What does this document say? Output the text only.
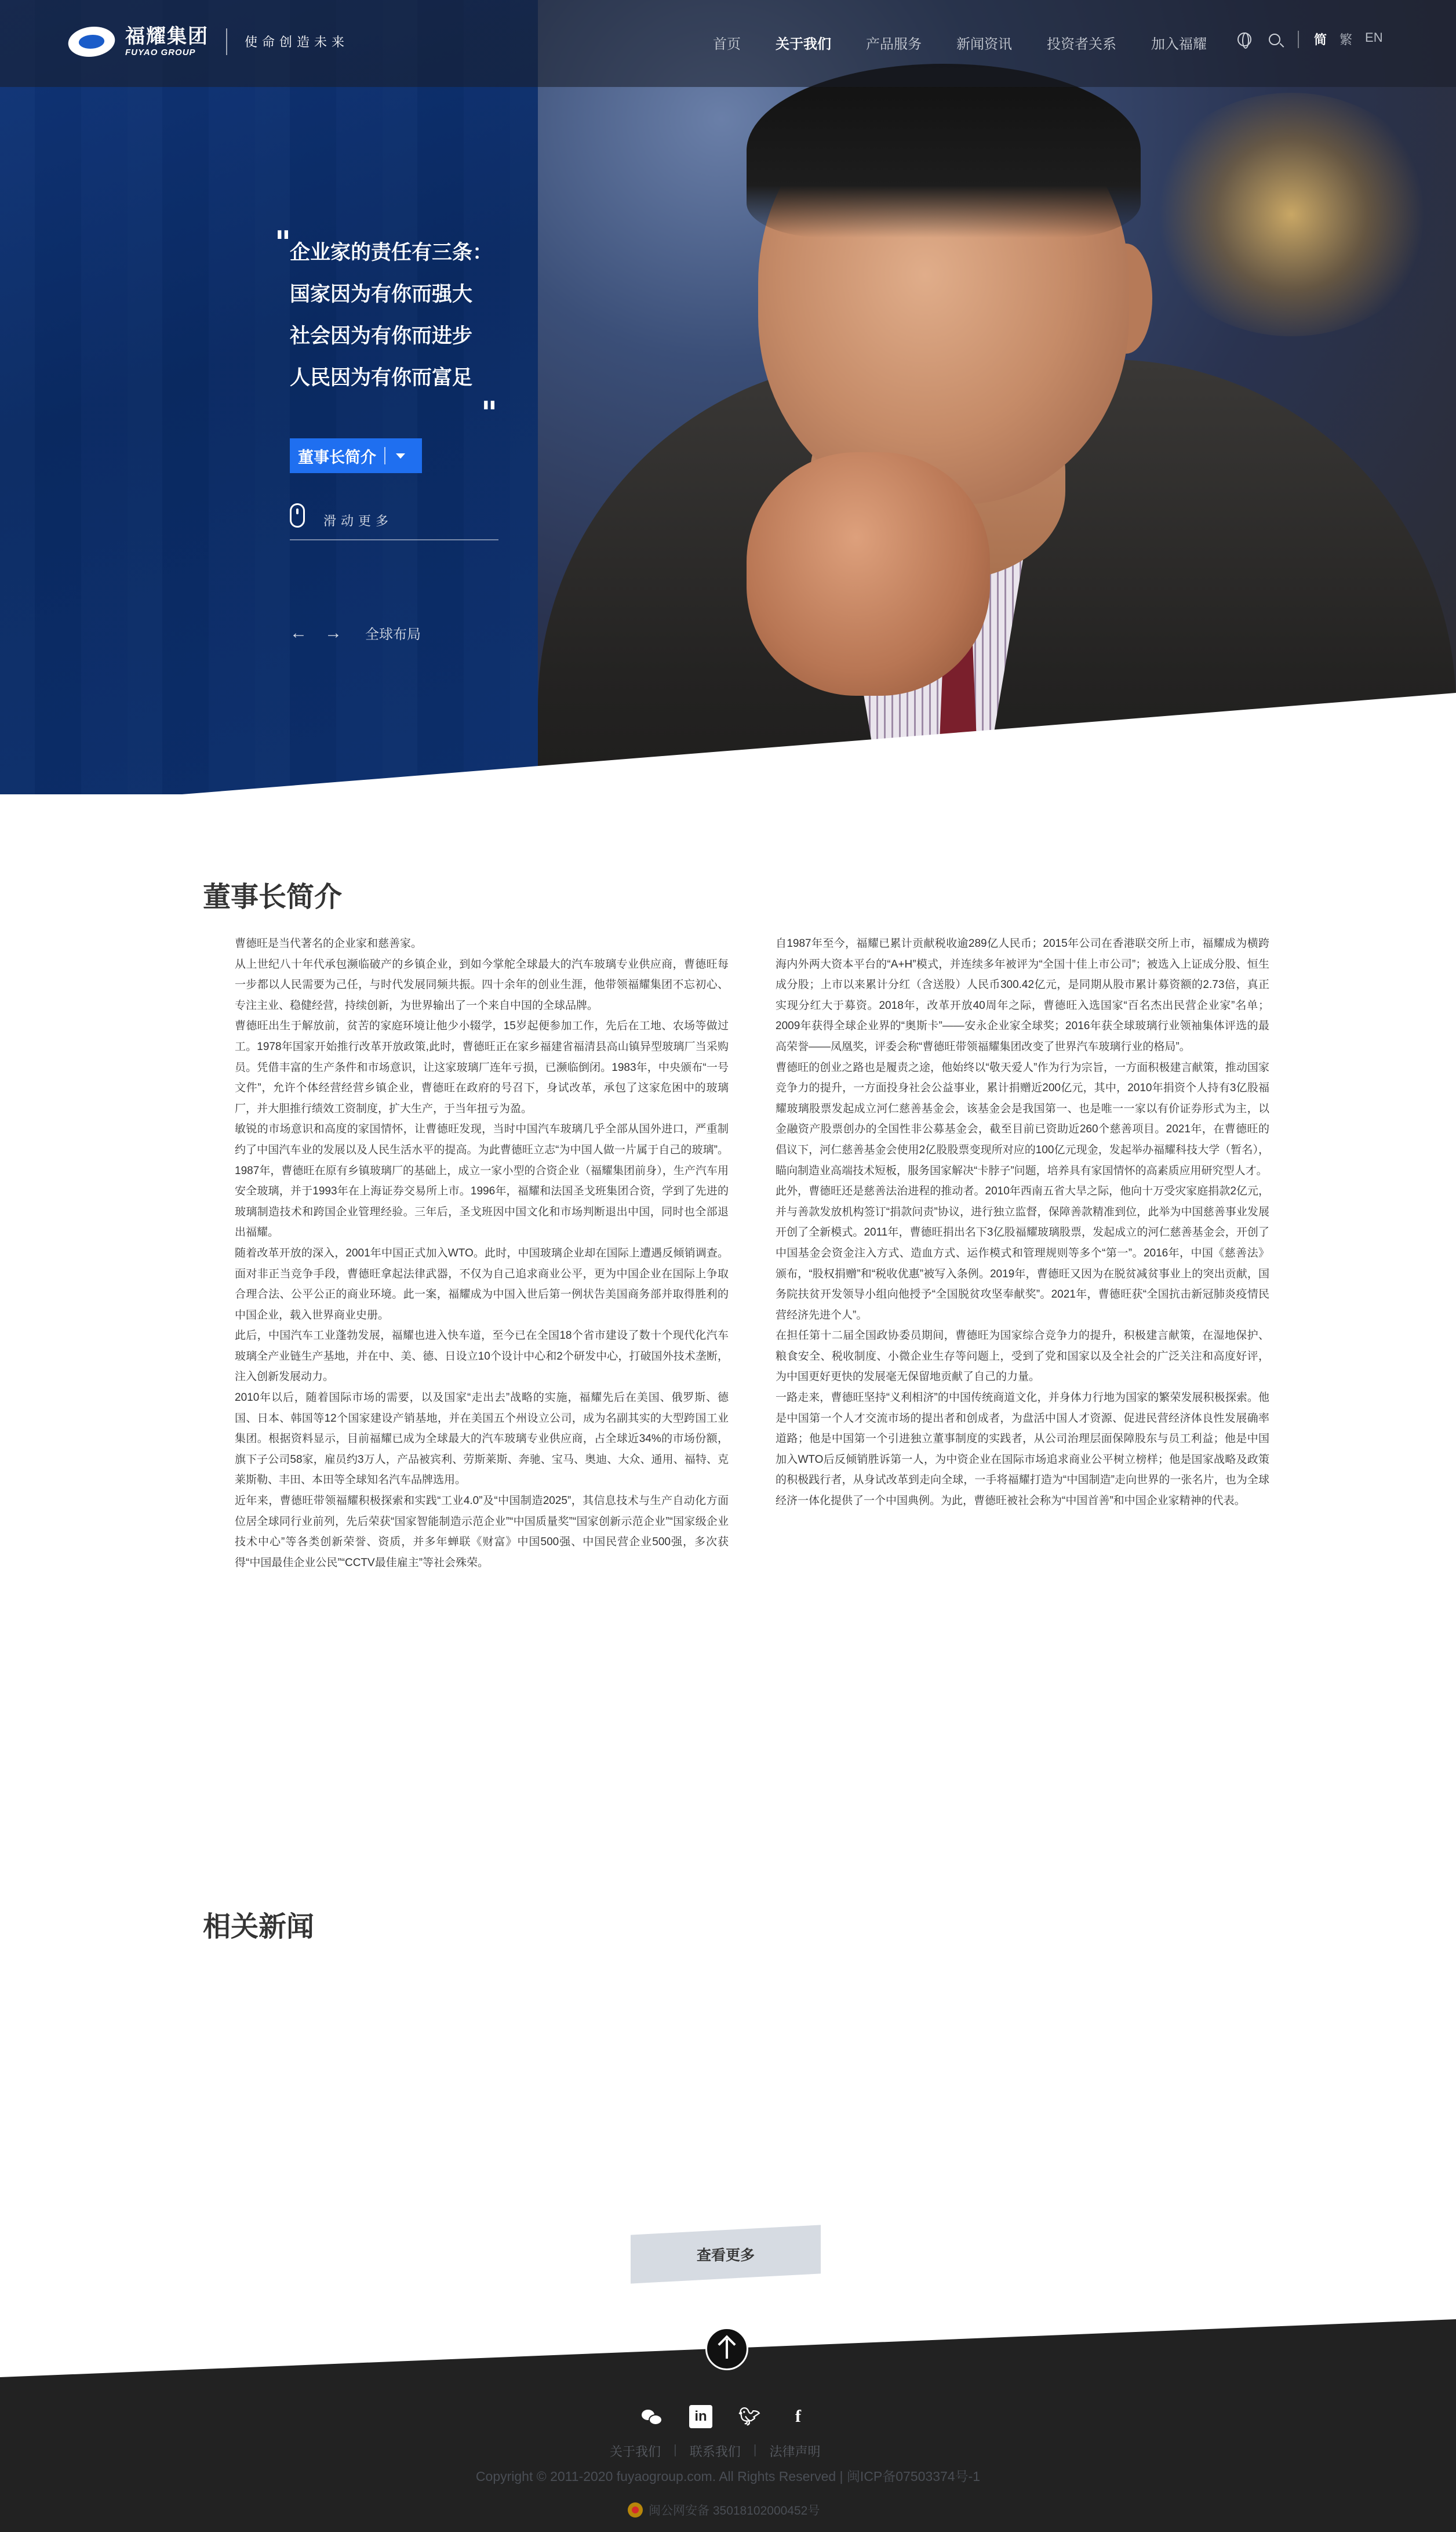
"
企业家的责任有三条：
国家因为有你而强大
社会因为有你而进步
人民因为有你而富足
"
董事长简介
滑动更多
← → 全球布局
福耀集团
FUYAO GROUP
使命创造未来	首页	关于我们	产品服务	新闻资讯	投资者关系	加入福耀	简 繁 EN
董事长简介

曹德旺是当代著名的企业家和慈善家。

从上世纪八十年代承包濒临破产的乡镇企业，到如今掌舵全球最大的汽车玻璃专业供应商，曹德旺每一步都以人民需要为己任，与时代发展同频共振。四十余年的创业生涯，他带领福耀集团不忘初心、专注主业、稳健经营，持续创新，为世界输出了一个来自中国的全球品牌。

曹德旺出生于解放前，贫苦的家庭环境让他少小辍学，15岁起便参加工作，先后在工地、农场等做过工。1978年国家开始推行改革开放政策,此时，曹德旺正在家乡福建省福清县高山镇异型玻璃厂当采购员。凭借丰富的生产条件和市场意识，让这家玻璃厂连年亏损，已濒临倒闭。1983年，中央颁布“一号文件”，允许个体经营经营乡镇企业，曹德旺在政府的号召下，身试改革，承包了这家危困中的玻璃厂，并大胆推行绩效工资制度，扩大生产，于当年扭亏为盈。

敏锐的市场意识和高度的家国情怀，让曹德旺发现，当时中国汽车玻璃几乎全部从国外进口，严重制约了中国汽车业的发展以及人民生活水平的提高。为此曹德旺立志“为中国人做一片属于自己的玻璃”。1987年，曹德旺在原有乡镇玻璃厂的基础上，成立一家小型的合资企业（福耀集团前身），生产汽车用安全玻璃，并于1993年在上海证券交易所上市。1996年，福耀和法国圣戈班集团合资，学到了先进的玻璃制造技术和跨国企业管理经验。三年后，圣戈班因中国文化和市场判断退出中国，同时也全部退出福耀。

随着改革开放的深入，2001年中国正式加入WTO。此时，中国玻璃企业却在国际上遭遇反倾销调查。面对非正当竞争手段，曹德旺拿起法律武器，不仅为自己追求商业公平，更为中国企业在国际上争取合理合法、公平公正的商业环境。此一案，福耀成为中国入世后第一例状告美国商务部并取得胜利的中国企业，载入世界商业史册。

此后，中国汽车工业蓬勃发展，福耀也进入快车道，至今已在全国18个省市建设了数十个现代化汽车玻璃全产业链生产基地，并在中、美、德、日设立10个设计中心和2个研发中心，打破国外技术垄断，注入创新发展动力。

2010年以后，随着国际市场的需要，以及国家“走出去”战略的实施，福耀先后在美国、俄罗斯、德国、日本、韩国等12个国家建设产销基地，并在美国五个州设立公司，成为名副其实的大型跨国工业集团。根据资料显示，目前福耀已成为全球最大的汽车玻璃专业供应商，占全球近34%的市场份额，旗下子公司58家，雇员约3万人，产品被宾利、劳斯莱斯、奔驰、宝马、奥迪、大众、通用、福特、克莱斯勒、丰田、本田等全球知名汽车品牌选用。

近年来，曹德旺带领福耀积极探索和实践“工业4.0”及“中国制造2025”，其信息技术与生产自动化方面位居全球同行业前列，先后荣获“国家智能制造示范企业”“中国质量奖”“国家创新示范企业”“国家级企业技术中心”等各类创新荣誉、资质，并多年蝉联《财富》中国500强、中国民营企业500强，多次获得“中国最佳企业公民”“CCTV最佳雇主”等社会殊荣。

自1987年至今，福耀已累计贡献税收逾289亿人民币；2015年公司在香港联交所上市，福耀成为横跨海内外两大资本平台的“A+H”模式，并连续多年被评为“全国十佳上市公司”；被选入上证成分股、恒生成分股；上市以来累计分红（含送股）人民币300.42亿元，是同期从股市累计募资额的2.73倍，真正实现分红大于募资。2018年，改革开放40周年之际，曹德旺入选国家“百名杰出民营企业家”名单；2009年获得全球企业界的“奥斯卡”——安永企业家全球奖；2016年获全球玻璃行业领袖集体评选的最高荣誉——凤凰奖，评委会称“曹德旺带领福耀集团改变了世界汽车玻璃行业的格局”。

曹德旺的创业之路也是履责之途，他始终以“敬天爱人”作为行为宗旨，一方面积极建言献策，推动国家竞争力的提升，一方面投身社会公益事业，累计捐赠近200亿元，其中，2010年捐资个人持有3亿股福耀玻璃股票发起成立河仁慈善基金会，该基金会是我国第一、也是唯一一家以有价证券形式为主，以金融资产股票创办的全国性非公募基金会，截至目前已资助近260个慈善项目。2021年，在曹德旺的倡议下，河仁慈善基金会使用2亿股股票变现所对应的100亿元现金，发起举办福耀科技大学（暂名），瞄向制造业高端技术短板，服务国家解决“卡脖子”问题，培养具有家国情怀的高素质应用研究型人才。

此外，曹德旺还是慈善法治进程的推动者。2010年西南五省大旱之际，他向十万受灾家庭捐款2亿元，并与善款发放机构签订“捐款问责”协议，进行独立监督，保障善款精准到位，此举为中国慈善事业发展开创了全新模式。2011年，曹德旺捐出名下3亿股福耀玻璃股票，发起成立的河仁慈善基金会，开创了中国基金会资金注入方式、造血方式、运作模式和管理规则等多个“第一”。2016年，中国《慈善法》颁布，“股权捐赠”和“税收优惠”被写入条例。2019年，曹德旺又因为在脱贫减贫事业上的突出贡献，国务院扶贫开发领导小组向他授予“全国脱贫攻坚奉献奖”。2021年，曹德旺获“全国抗击新冠肺炎疫情民营经济先进个人”。

在担任第十二届全国政协委员期间，曹德旺为国家综合竞争力的提升，积极建言献策，在湿地保护、粮食安全、税收制度、小微企业生存等问题上，受到了党和国家以及全社会的广泛关注和高度好评，为中国更好更快的发展毫无保留地贡献了自己的力量。

一路走来，曹德旺坚持“义利相济”的中国传统商道文化，并身体力行地为国家的繁荣发展积极探索。他是中国第一个人才交流市场的提出者和创成者，为盘活中国人才资源、促进民营经济体良性发展确率道路；他是中国第一个引进独立董事制度的实践者，从公司治理层面保障股东与员工利益；他是中国加入WTO后反倾销胜诉第一人，为中资企业在国际市场追求商业公平树立榜样；他是国家战略及政策的积极践行者，从身试改革到走向全球，一手将福耀打造为“中国制造”走向世界的一张名片，也为全球经济一体化提供了一个中国典例。为此，曹德旺被社会称为“中国首善”和中国企业家精神的代表。

相关新闻
查看更多
in	🐦︎	f
关于我们 | 联系我们 | 法律声明
Copyright © 2011-2020 fuyaogroup.com. All Rights Reserved | 闽ICP备07503374号-1
闽公网安备 35018102000452号
